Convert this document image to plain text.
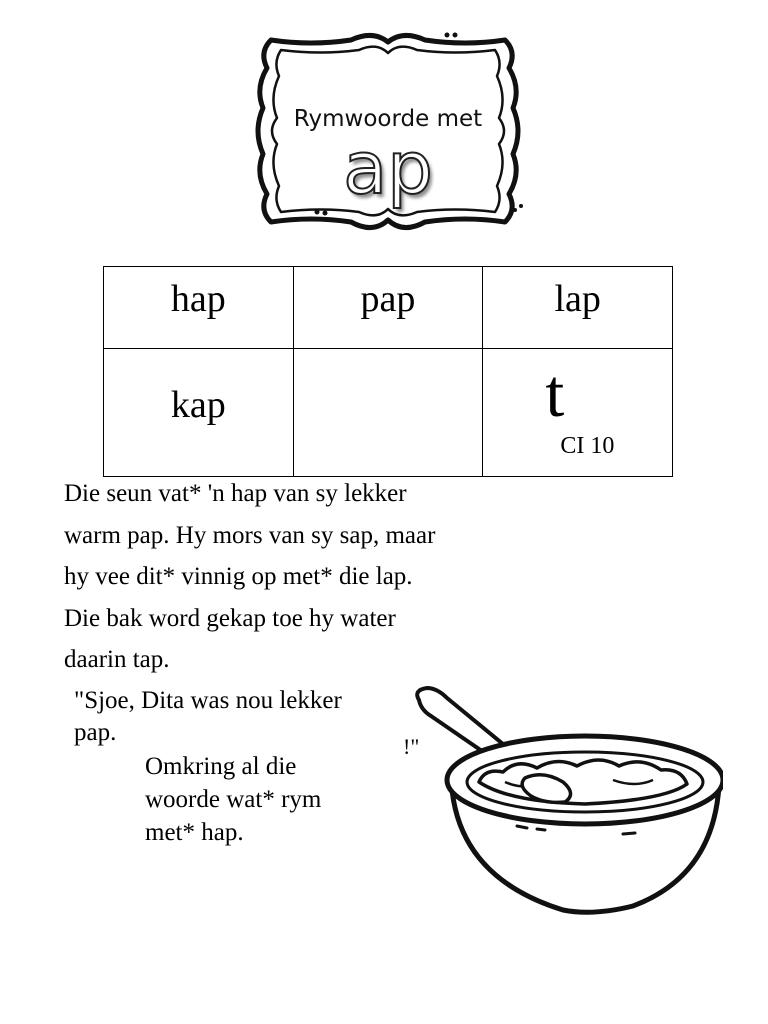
Rymwoorde met
ap
hap	pap	lap

kap		t
CI 10
Die seun vat* 'n hap van sy lekker
warm pap. Hy mors van sy sap, maar
hy vee dit* vinnig op met* die lap.
Die bak word gekap toe hy water
daarin tap.
"Sjoe, Dita was nou lekker pap.
Omkring al die woorde wat* rym met* hap.
!"
